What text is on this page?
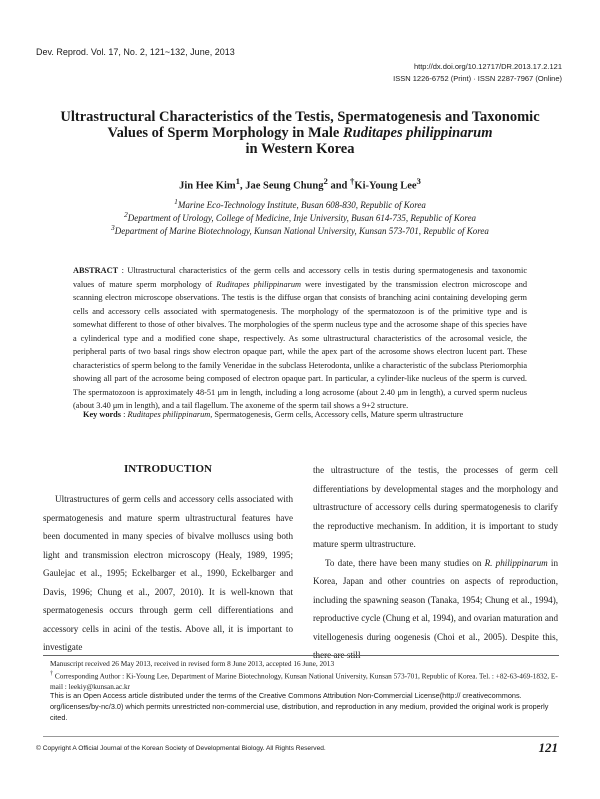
Dev. Reprod. Vol. 17, No. 2, 121~132, June, 2013
http://dx.doi.org/10.12717/DR.2013.17.2.121
ISSN 1226-6752 (Print) · ISSN 2287-7967 (Online)
Ultrastructural Characteristics of the Testis, Spermatogenesis and Taxonomic
Values of Sperm Morphology in Male Ruditapes philippinarum
in Western Korea
Jin Hee Kim$^1$, Jae Seung Chung$^2$ and †Ki-Young Lee$^3$
$^1$Marine Eco-Technology Institute, Busan 608-830, Republic of Korea
$^2$Department of Urology, College of Medicine, Inje University, Busan 614-735, Republic of Korea
$^3$Department of Marine Biotechnology, Kunsan National University, Kunsan 573-701, Republic of Korea
ABSTRACT : Ultrastructural characteristics of the germ cells and accessory cells in testis during spermatogenesis and taxonomic values of mature sperm morphology of Ruditapes philippinarum were investigated by the transmission electron microscope and scanning electron microscope observations. The testis is the diffuse organ that consists of branching acini containing developing germ cells and accessory cells associated with spermatogenesis. The morphology of the spermatozoon is of the primitive type and is somewhat different to those of other bivalves. The morphologies of the sperm nucleus type and the acrosome shape of this species have a cylinderical type and a modified cone shape, respectively. As some ultrastructural characteristics of the acrosomal vesicle, the peripheral parts of two basal rings show electron opaque part, while the apex part of the acrosome shows electron lucent part. These characteristics of sperm belong to the family Veneridae in the subclass Heterodonta, unlike a characteristic of the subclass Pteriomorphia showing all part of the acrosome being composed of electron opaque part. In particular, a cylinder-like nucleus of the sperm is curved. The spermatozoon is approximately 48-51 μm in length, including a long acrosome (about 2.40 μm in length), a curved sperm nucleus (about 3.40 μm in length), and a tail flagellum. The axoneme of the sperm tail shows a 9+2 structure.
Key words : Ruditapes philippinarum, Spermatogenesis, Germ cells, Accessory cells, Mature sperm ultrastructure
INTRODUCTION

Ultrastructures of germ cells and accessory cells associated with spermatogenesis and mature sperm ultrastructural features have been documented in many species of bivalve molluscs using both light and transmission electron microscopy (Healy, 1989, 1995; Gaulejac et al., 1995; Eckelbarger et al., 1990, Eckelbarger and Davis, 1996; Chung et al., 2007, 2010). It is well-known that spermatogenesis occurs through germ cell differentiations and accessory cells in acini of the testis. Above all, it is important to investigate

the ultrastructure of the testis, the processes of germ cell differentiations by developmental stages and the morphology and ultrastructure of accessory cells during spermatogenesis to clarify the reproductive mechanism. In addition, it is important to study mature sperm ultrastructure.

To date, there have been many studies on R. philippinarum in Korea, Japan and other countries on aspects of reproduction, including the spawning season (Tanaka, 1954; Chung et al., 1994), reproductive cycle (Chung et al, 1994), and ovarian maturation and vitellogenesis during oogenesis (Choi et al., 2005). Despite this, there are still

Manuscript received 26 May 2013, received in revised form 8 June 2013, accepted 16 June, 2013
† Corresponding Author : Ki-Young Lee, Department of Marine Biotechnology, Kunsan National University, Kunsan 573-701, Republic of Korea. Tel. : +82-63-469-1832, E-mail : leekiy@kunsan.ac.kr
This is an Open Access article distributed under the terms of the Creative Commons Attribution Non-Commercial License(http:// creativecommons. org/licenses/by-nc/3.0) which permits unrestricted non-commercial use, distribution, and reproduction in any medium, provided the original work is properly cited.
© Copyright A Official Journal of the Korean Society of Developmental Biology. All Rights Reserved.	121
